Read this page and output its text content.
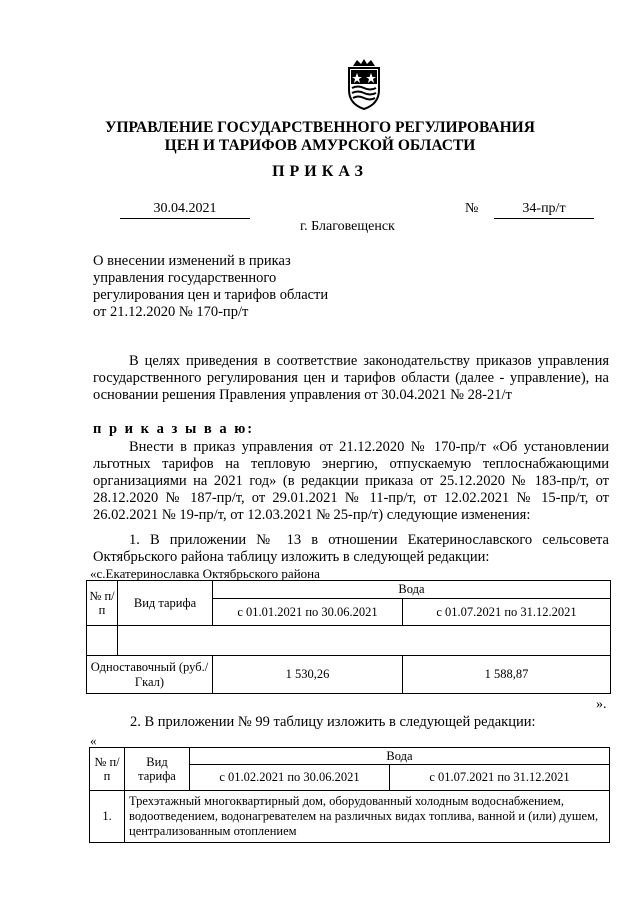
УПРАВЛЕНИЕ ГОСУДАРСТВЕННОГО РЕГУЛИРОВАНИЯ
ЦЕН И ТАРИФОВ АМУРСКОЙ ОБЛАСТИ
ПРИКАЗ
30.04.2021	№	34-пр/т
г. Благовещенск
О внесении изменений в приказ
управления государственного
регулирования цен и тарифов области
от 21.12.2020 № 170-пр/т
В целях приведения в соответствие законодательству приказов управления государственного регулирования цен и тарифов области (далее - управление), на основании решения Правления управления от 30.04.2021 № 28-21/т
п р и к а з ы в а ю:
Внести в приказ управления от 21.12.2020 № 170-пр/т «Об установлении льготных тарифов на тепловую энергию, отпускаемую теплоснабжающими организациями на 2021 год» (в редакции приказа от 25.12.2020 № 183-пр/т, от 28.12.2020 № 187-пр/т, от 29.01.2021 № 11-пр/т, от 12.02.2021 № 15-пр/т, от 26.02.2021 № 19-пр/т, от 12.03.2021 № 25-пр/т) следующие изменения:
1. В приложении № 13 в отношении Екатеринославского сельсовета Октябрьского района таблицу изложить в следующей редакции:
«с.Екатериноcлавка Октябрьского района
№ п/п	Вид тарифа	Вода	
		с 01.01.2021 по 30.06.2021	с 01.07.2021 по 31.12.2021

Одноставочный (руб./Гкал)		1 530,26	1 588,87
».
2. В приложении № 99 таблицу изложить в следующей редакции:
«
№ п/п	Вид тарифа	Вода	
		с 01.02.2021 по 30.06.2021	с 01.07.2021 по 31.12.2021
1.	Трехэтажный многоквартирный дом, оборудованный холодным водоснабжением, водоотведением, водонагревателем на различных видах топлива, ванной и (или) душем, централизованным отоплением		
